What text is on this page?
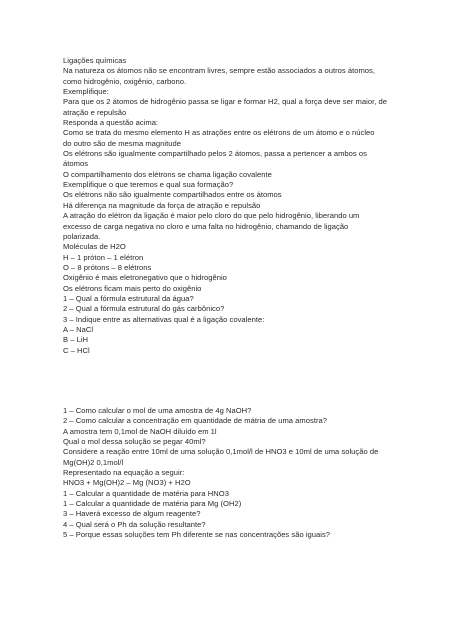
Ligações químicas
Na natureza os átomos não se encontram livres, sempre estão associados a outros átomos,
como hidrogênio, oxigênio, carbono.
Exemplifique:
Para que os 2 átomos de hidrogênio passa se ligar e formar H2, qual a força deve ser maior, de
atração e repulsão
Responda a questão acima:
Como se trata do mesmo elemento H as atrações entre os elétrons de um átomo e o núcleo
do outro são de mesma magnitude
Os elétrons são igualmente compartilhado pelos 2 átomos, passa a pertencer a ambos os
átomos
O compartilhamento dos elétrons se chama ligação covalente
Exemplifique o que teremos e qual sua formação?
Os elétrons não são igualmente compartilhados entre os átomos
Há diferença na magnitude da força de atração e repulsão
A atração do elétron da ligação é maior pelo cloro do que pelo hidrogênio, liberando um
excesso de carga negativa no cloro e uma falta no hidrogênio, chamando de ligação
polarizada.
Moléculas de H2O
H – 1 próton – 1 elétron
O – 8 prótons – 8 elétrons
Oxigênio é mais eletronegativo que o hidrogênio
Os elétrons ficam mais perto do oxigênio
1 – Qual a fórmula estrutural da água?
2 – Qual a fórmula estrutural do gás carbônico?
3 – Indique entre as alternativas qual é a ligação covalente:
A – NaCl
B – LiH
C – HCl
1 – Como calcular o mol de uma amostra de 4g NaOH?
2 – Como calcular a concentração em quantidade de mátria de uma amostra?
A amostra tem 0,1mol de NaOH diluído em 1l
Qual o mol dessa solução se pegar 40ml?
Considere a reação entre 10ml de uma solução 0,1mol/l de HNO3 e 10ml de uma solução de
Mg(OH)2 0,1mol/l
Representado na equação a seguir:
HNO3 + Mg(OH)2 – Mg (NO3) + H2O
1 – Calcular a quantidade de matéria para HNO3
1 – Calcular a quantidade de matéria para Mg (OH2)
3 – Haverá excesso de algum reagente?
4 – Qual será o Ph da solução resultante?
5 – Porque essas soluções tem Ph diferente se nas concentrações são iguais?
